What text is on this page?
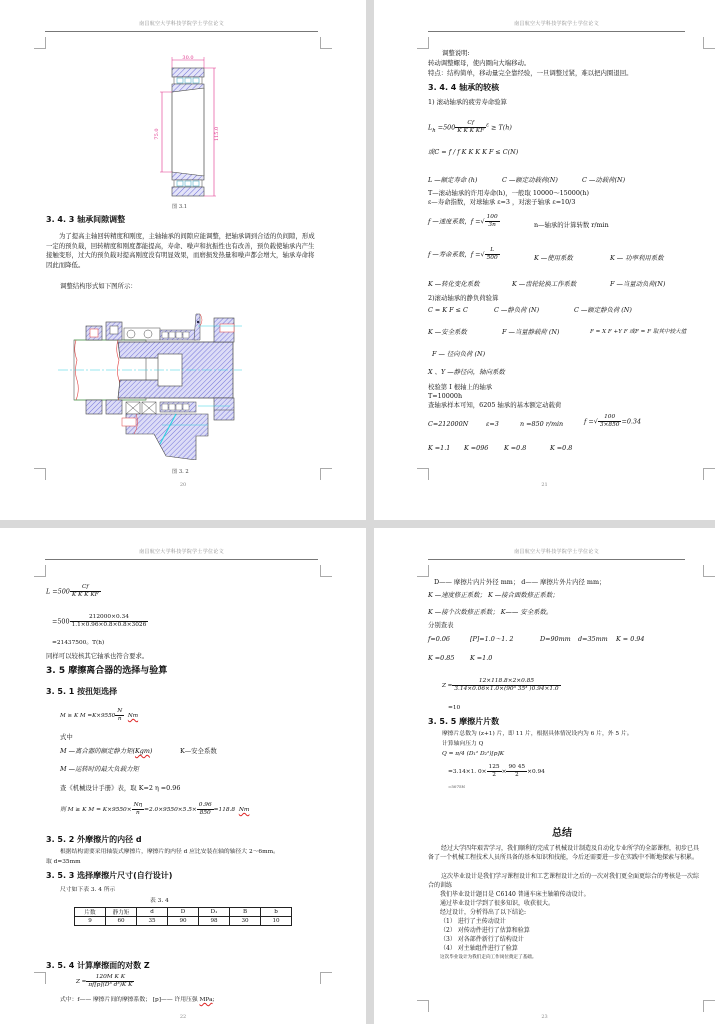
南昌航空大学科技学院学士学位论文
30.0
75.0	115.0
图 3.1
3. 4. 3 轴承间隙调整
为了提高主轴回转精度和刚度，主轴轴承的间隙应能调整，把轴承调到合适的负间隙，形成一定的预负载，回转精度和刚度都能提高，寿命、噪声和抗振性也有改善，预负载使轴承内产生接触变形，过大的预负载对提高刚度没有明显效果，而磨损发热量和噪声都会增大，轴承寿命将因此而降低。
调整结构形式如下图所示：
图 3. 2
20
南昌航空大学科技学院学士学位论文
调整说明:
转动调整螺母，使内圈向大端移动。
特点：结构简单，移动量完全靠经验，一旦调整过紧，难以把内圈退回。
3. 4. 4 轴承的较核
1) 滚动轴承的疲劳寿命验算
$L_h =500 \frac{Cf}{\text{K K K KF}} ^\varepsilon \ge T(h)$
或C = f / f K K K K F ≤ C(N)
L —额定寿命 (h)	C —额定动载荷(N)	C —动载荷(N)
T—滚动轴承的许用寿命(h)，一般取 10000～15000(h)
ε—寿命指数，对球轴承 ε=3 ，对滚子轴承 ε=10/3
f —速度系数，f =√ $\frac{100}{3n}$	n—轴承的计算转数 r/min
f —寿命系数，f =√ $\frac{L}{500}$	K —使用系数	K — 功率利用系数
K —转化变化系数	K —齿轮轮换工作系数	F —当量动负荷(N)
2)滚动轴承的静负荷验算
C = K F ≤ C	C —静负荷 (N)	C —额定静负荷 (N)
K —安全系数	F —当量静载荷 (N)	F = X F +Y F 或F = F 取其中较大值
F — 径向负荷 (N)
X 、Y —静径向，轴向系数
校验第 I 根轴上的轴承
T=10000h
查轴承样本可知，6205 轴承的基本额定动载荷
C=212000N	ε=3	n =850 r/min	f =√ $\frac{100}{3\times 850} =0.34$
K =1.1 K =096 K =0.8	K =0.8
21
南昌航空大学科技学院学士学位论文
$L =500 \frac{Cf}{\text{K K K KF}}$
$=500 \frac{212000\times 0.34}{1.1\times 0.96\times 0.8\times 0.8\times 3026}$
=21437500。T(h)
同样可以较核其它轴承也符合要求。
3. 5 摩擦离合器的选择与验算
3. 5. 1 按扭矩选择
M ≥ K $M =K\times 9550 \frac{N}{n}$ Nm
式中
M —离合器的额定静力矩(Kgm)	K—安全系数
M —运转时的最大负载力矩
查《机械设计手册》表，取 K=2 η =0.96
则 M ≥ K $M = K\times 9550\times \frac{N\eta}{n} =2.0\times 9550\times 5.5\times \frac{0.96}{850} =118.8$ Nm
3. 5. 2 外摩擦片的内径 d
根据结构需要采用轴装式摩擦片，摩擦片的内径 d 应比安装在轴的轴径大 2～6mm。
取 d=35mm
3. 5. 3 选择摩擦片尺寸(自行设计)
尺寸如下表 3. 4 所示
表 3. 4
片数	静力矩	d	D	D₁	B	b
9	60	35	90	98	30	10
3. 5. 4 计算摩擦面的对数 Z
$Z = \frac{\text{120M K K}}{\text{πf[p](D³ d³)K K}}$
式中：f—— 摩擦片间的摩擦系数； [p]—— 许用压强 MPa;
22
南昌航空大学科技学院学士学位论文
D—— 摩擦片内片外径 mm； d—— 摩擦片外片内径 mm；
K —速度修正系数； K —接合面数修正系数；
K —接个次数修正系数； K—— 安全系数。
分别查表
f=0.06	[P]=1.0～1. 2	D=90mm d=35mm K = 0.94
K =0.85 K =1.0
$Z = \frac{12\times 118.8\times 2\times 0.85}{\text{3.14×0.06×1.0×(90³ 35³ )0.94×1.0}}$
=10
3. 5. 5 摩擦片片数
摩擦片总数为 (z+1) 片，即 11 片，根据具体情况设内为 6 片，外 5 片。
计算轴向压力 Q
Q = π/4 (D₁² D₂²)[p]K
=3.14×1. $0\times \frac{125}{2} \times \frac{90 45}{2} \times 0.94$
=5075N
总结
经过大学四年艰苦学习，我们顺利的完成了机械设计制造及自动化专业所学的全部课程，初步已具备了一个机械工程技术人员所具备的基本知识和技能，今后还需要进一步在实践中不断地探索与积累。
这次毕业设计是我们学习课程设计和工艺课程设计之后的一次对我们更全面更综合的考核是一次综合的训练
我们毕业设计题目是 C6140 普通车床主轴箱传动设计。
通过毕业设计学到了很多知识，收获很大。
经过设计，分析得出了以下结论:
（1） 进行了主传动设计
（2） 对传动件进行了估算和验算
（3） 对各部件新行了结构设计
（4） 对主轴组件进行了验算
这次毕业设计为我们走向工作岗位奠定了基础。
23
